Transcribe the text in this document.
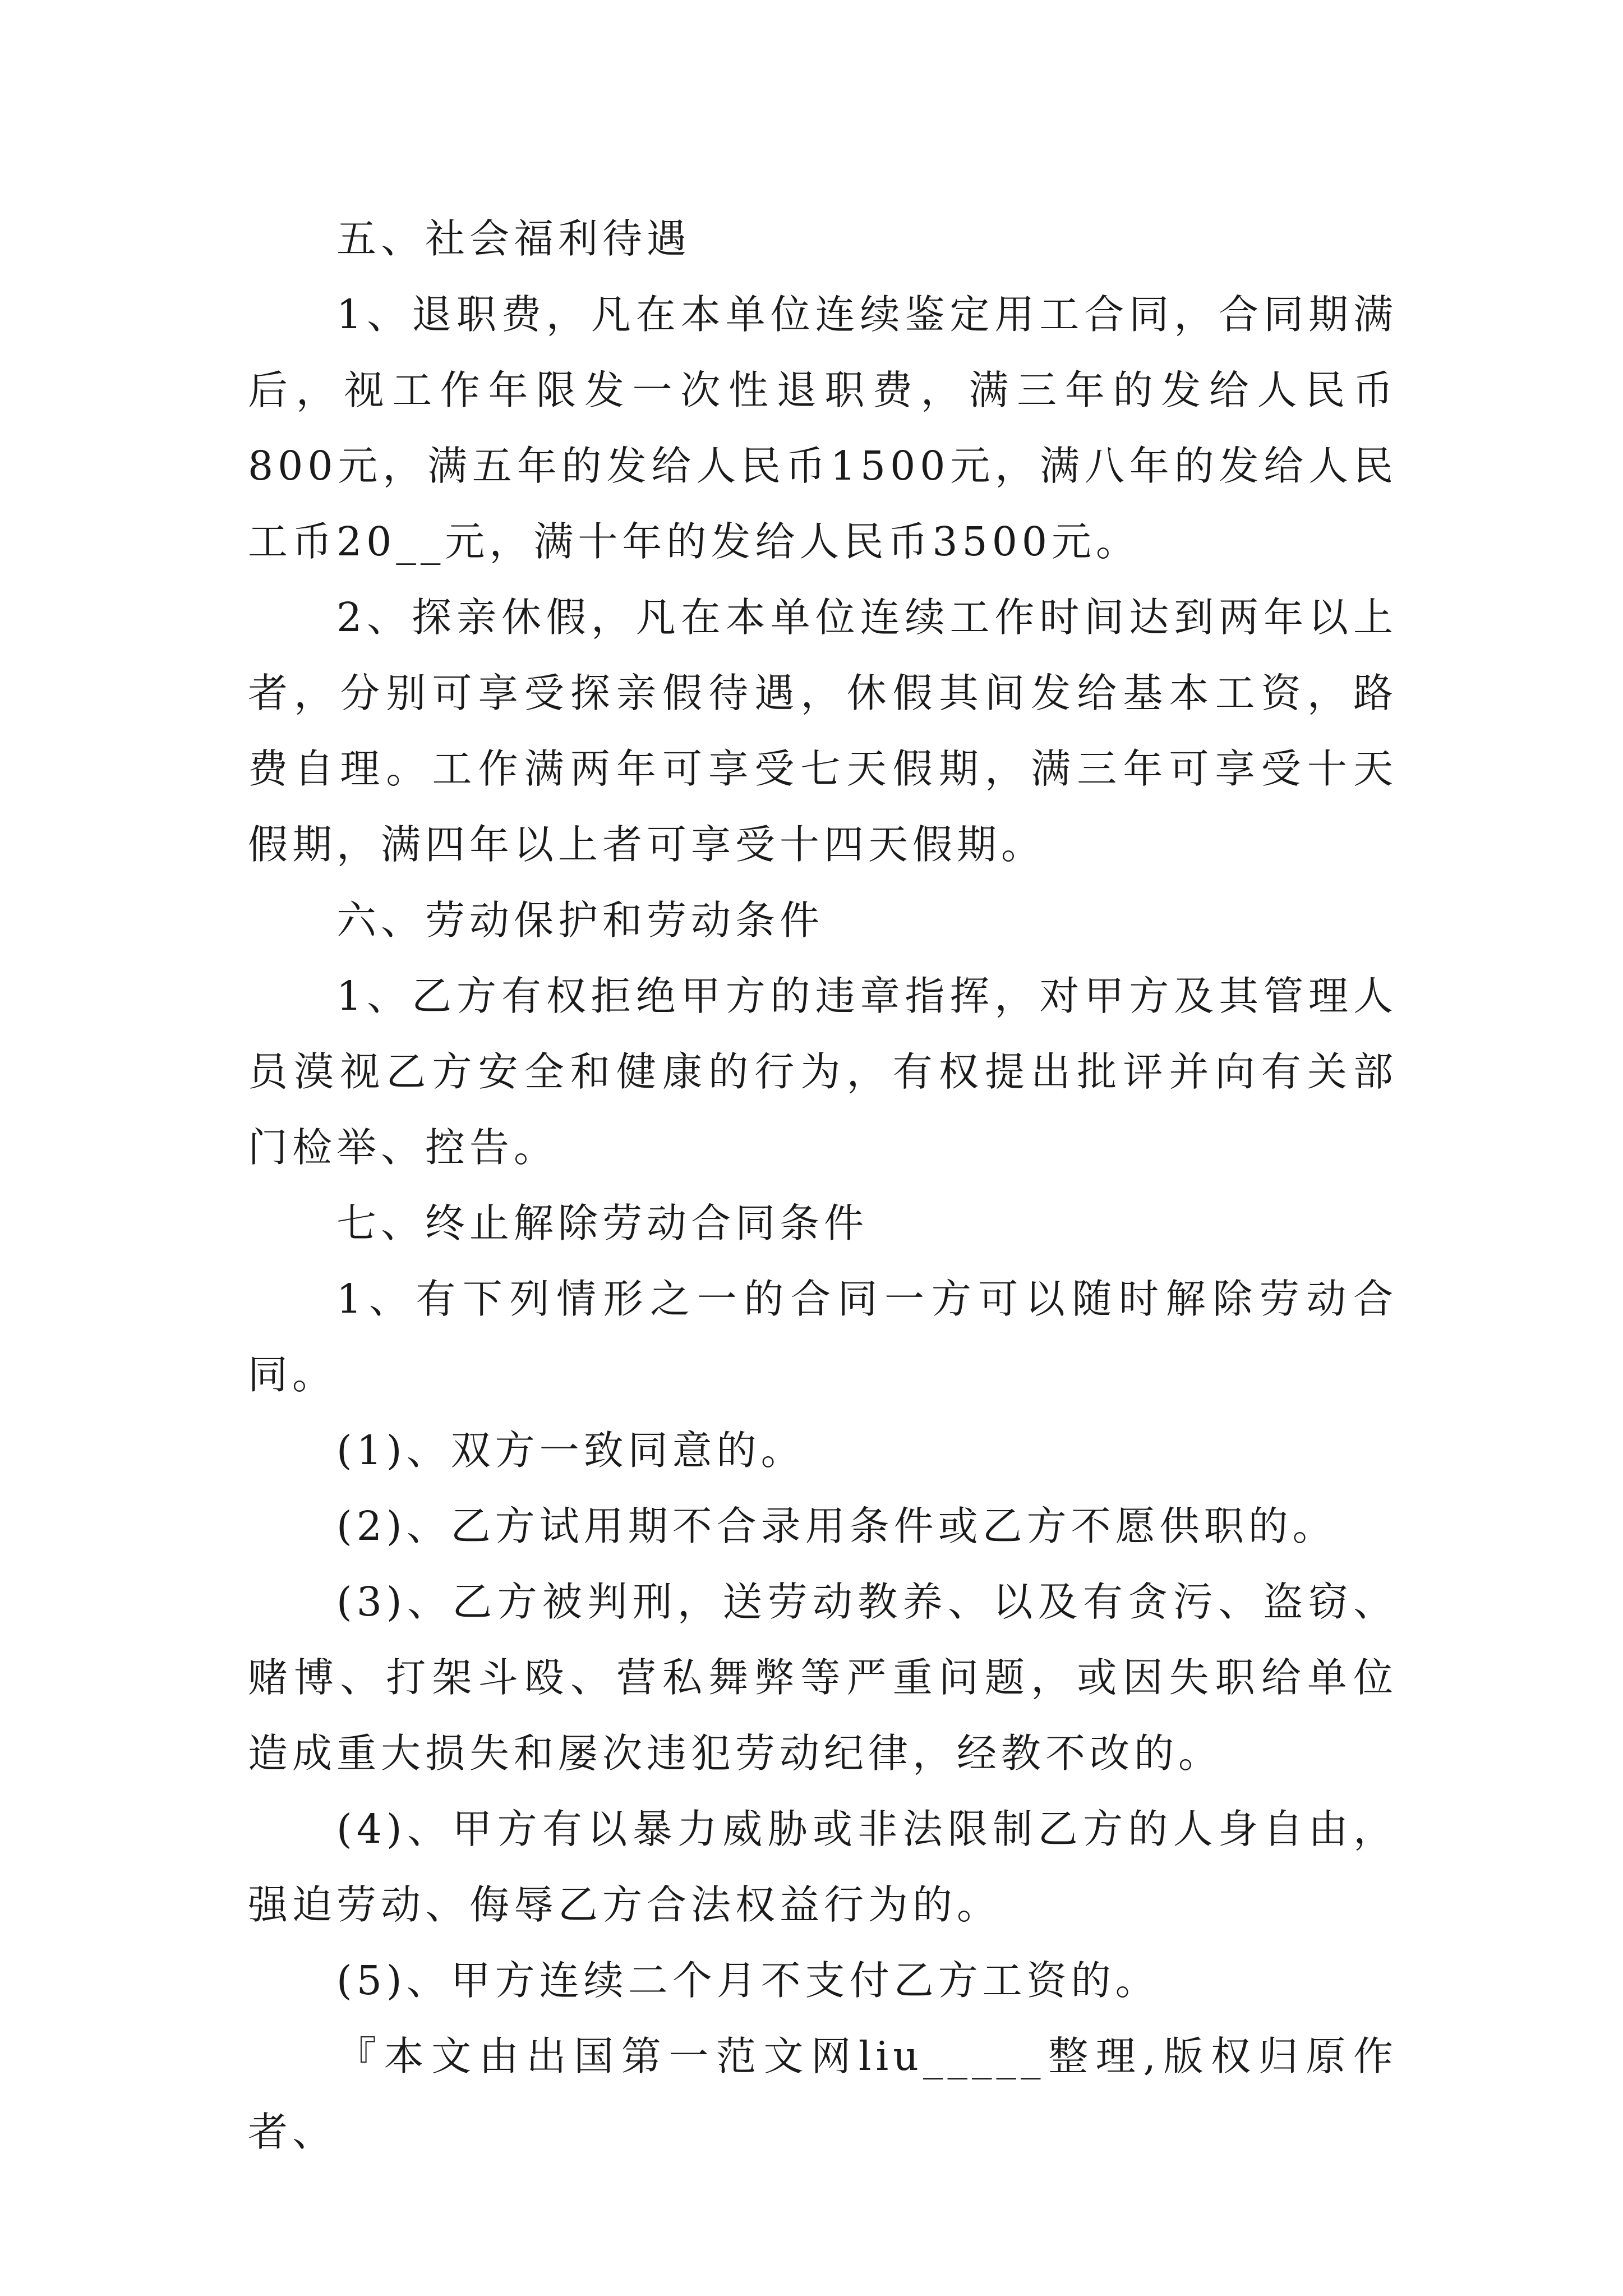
五、社会福利待遇

1、退职费，凡在本单位连续鉴定用工合同，合同期满后，视工作年限发一次性退职费，满三年的发给人民币800元，满五年的发给人民币1500元，满八年的发给人民工币20__元，满十年的发给人民币3500元。

2、探亲休假，凡在本单位连续工作时间达到两年以上者，分别可享受探亲假待遇，休假其间发给基本工资，路费自理。工作满两年可享受七天假期，满三年可享受十天假期，满四年以上者可享受十四天假期。

六、劳动保护和劳动条件

1、乙方有权拒绝甲方的违章指挥，对甲方及其管理人员漠视乙方安全和健康的行为，有权提出批评并向有关部门检举、控告。

七、终止解除劳动合同条件

1、有下列情形之一的合同一方可以随时解除劳动合同。

(1)、双方一致同意的。

(2)、乙方试用期不合录用条件或乙方不愿供职的。

(3)、乙方被判刑，送劳动教养、以及有贪污、盗窃、赌博、打架斗殴、营私舞弊等严重问题，或因失职给单位造成重大损失和屡次违犯劳动纪律，经教不改的。

(4)、甲方有以暴力威胁或非法限制乙方的人身自由，强迫劳动、侮辱乙方合法权益行为的。

(5)、甲方连续二个月不支付乙方工资的。

『本文由出国第一范文网liu_____整理,版权归原作者、
